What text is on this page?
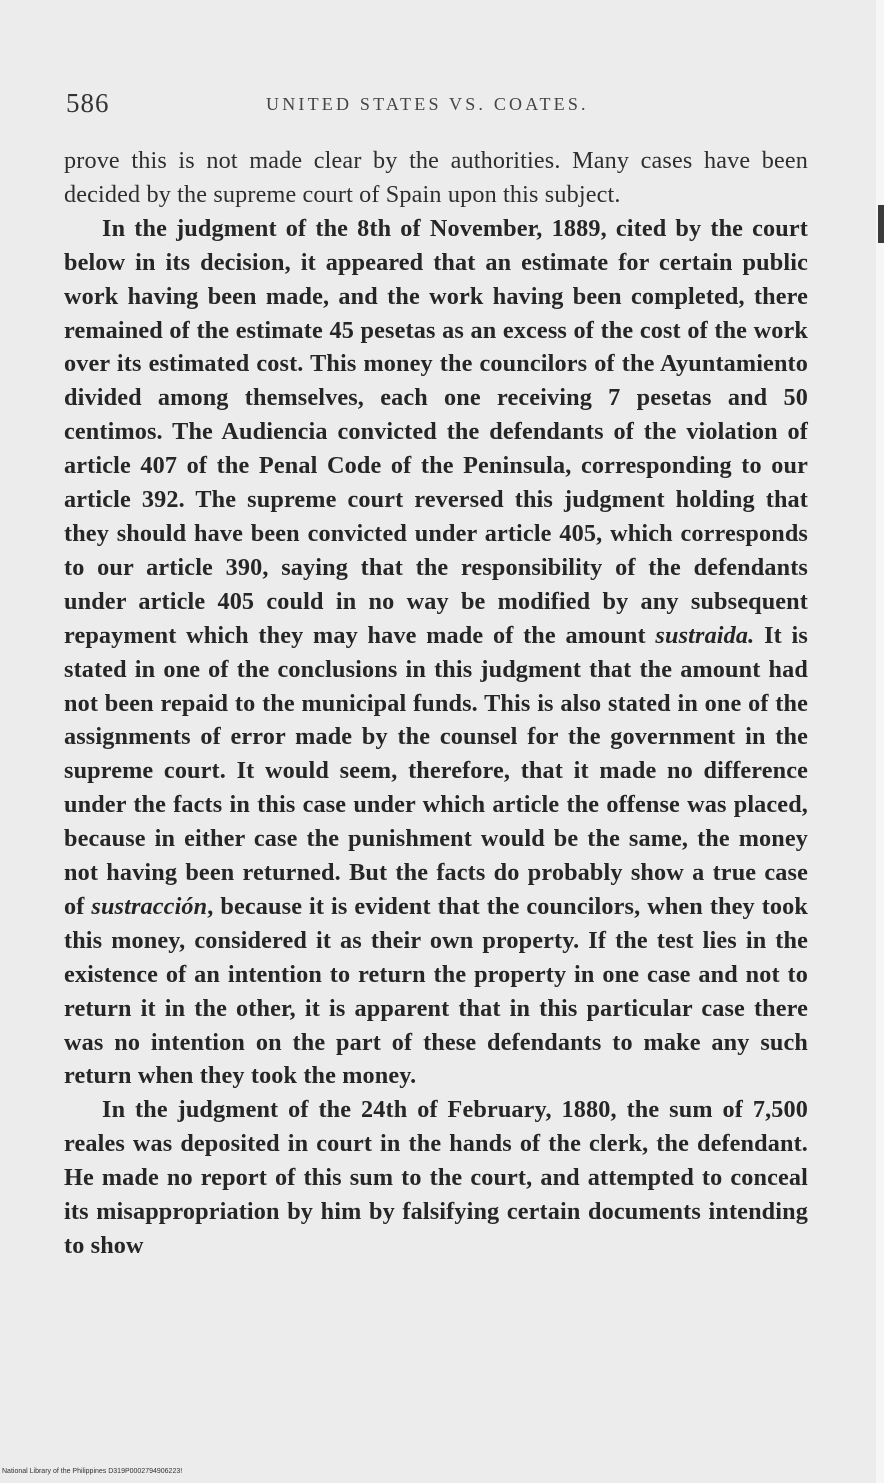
586	UNITED STATES VS. COATES.

prove this is not made clear by the authorities. Many cases have been decided by the supreme court of Spain upon this subject.

In the judgment of the 8th of November, 1889, cited by the court below in its decision, it appeared that an estimate for certain public work having been made, and the work having been completed, there remained of the estimate 45 pesetas as an excess of the cost of the work over its estimated cost. This money the councilors of the Ayuntamiento divided among themselves, each one receiving 7 pesetas and 50 centimos. The Audiencia convicted the defendants of the violation of article 407 of the Penal Code of the Peninsula, corresponding to our article 392. The supreme court reversed this judgment holding that they should have been convicted under article 405, which corresponds to our article 390, saying that the responsibility of the defendants under article 405 could in no way be modified by any subsequent repayment which they may have made of the amount sustraida. It is stated in one of the conclusions in this judgment that the amount had not been repaid to the municipal funds. This is also stated in one of the assignments of error made by the counsel for the government in the supreme court. It would seem, therefore, that it made no difference under the facts in this case under which article the offense was placed, because in either case the punishment would be the same, the money not having been returned. But the facts do probably show a true case of sustracción, because it is evident that the councilors, when they took this money, considered it as their own property. If the test lies in the existence of an intention to return the property in one case and not to return it in the other, it is apparent that in this particular case there was no intention on the part of these defendants to make any such return when they took the money.

In the judgment of the 24th of February, 1880, the sum of 7,500 reales was deposited in court in the hands of the clerk, the defendant. He made no report of this sum to the court, and attempted to conceal its misappropriation by him by falsifying certain documents intending to show

National Library of the Philippines D319P0002794906223!
